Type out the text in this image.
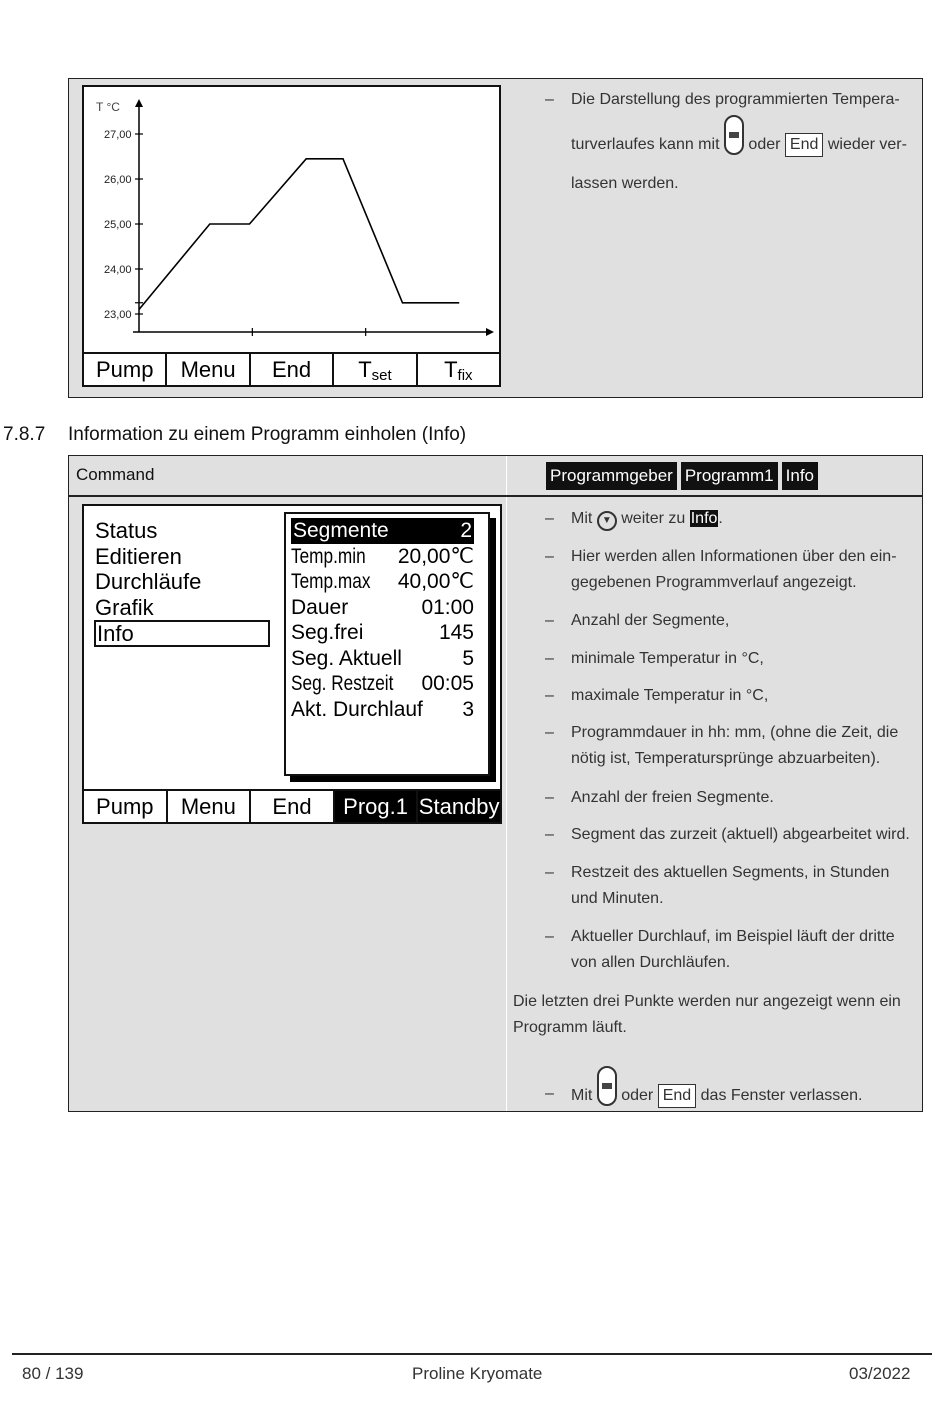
T °C
27,00
26,00
25,00
24,00
23,00
Pump	Menu	End	$T_{set}$	$T_{fix}$
–	Die Darstellung des programmierten Tempera-
turverlaufes kann mit oder End wieder ver-
lassen werden.
7.8.7 Information zu einem Programm einholen (Info)
Command	Programmgeber Programm1 Info
Status
Editieren
Durchläufe
Grafik
Info
Segmente	2
Temp.min 20,00℃
Temp.max 40,00℃
Dauer	01:00
Seg.frei	145
Seg. Aktuell	5
Seg. Restzeit 00:05
Akt. Durchlauf 3
Pump	Menu	End	Prog.1 Standby
–	Mit ▼ weiter zu Info.
–	Hier werden allen Informationen über den ein- gegebenen Programmverlauf angezeigt.
–	Anzahl der Segmente,
–	minimale Temperatur in °C,
–	maximale Temperatur in °C,
–	Programmdauer in hh: mm, (ohne die Zeit, die nötig ist, Temperatursprünge abzuarbeiten).
–	Anzahl der freien Segmente.
–	Segment das zurzeit (aktuell) abgearbeitet wird.
–	Restzeit des aktuellen Segments, in Stunden und Minuten.
–	Aktueller Durchlauf, im Beispiel läuft der dritte von allen Durchläufen.
Die letzten drei Punkte werden nur angezeigt wenn ein Programm läuft.
–	Mit oder End das Fenster verlassen.
80 / 139	Proline Kryomate	03/2022
